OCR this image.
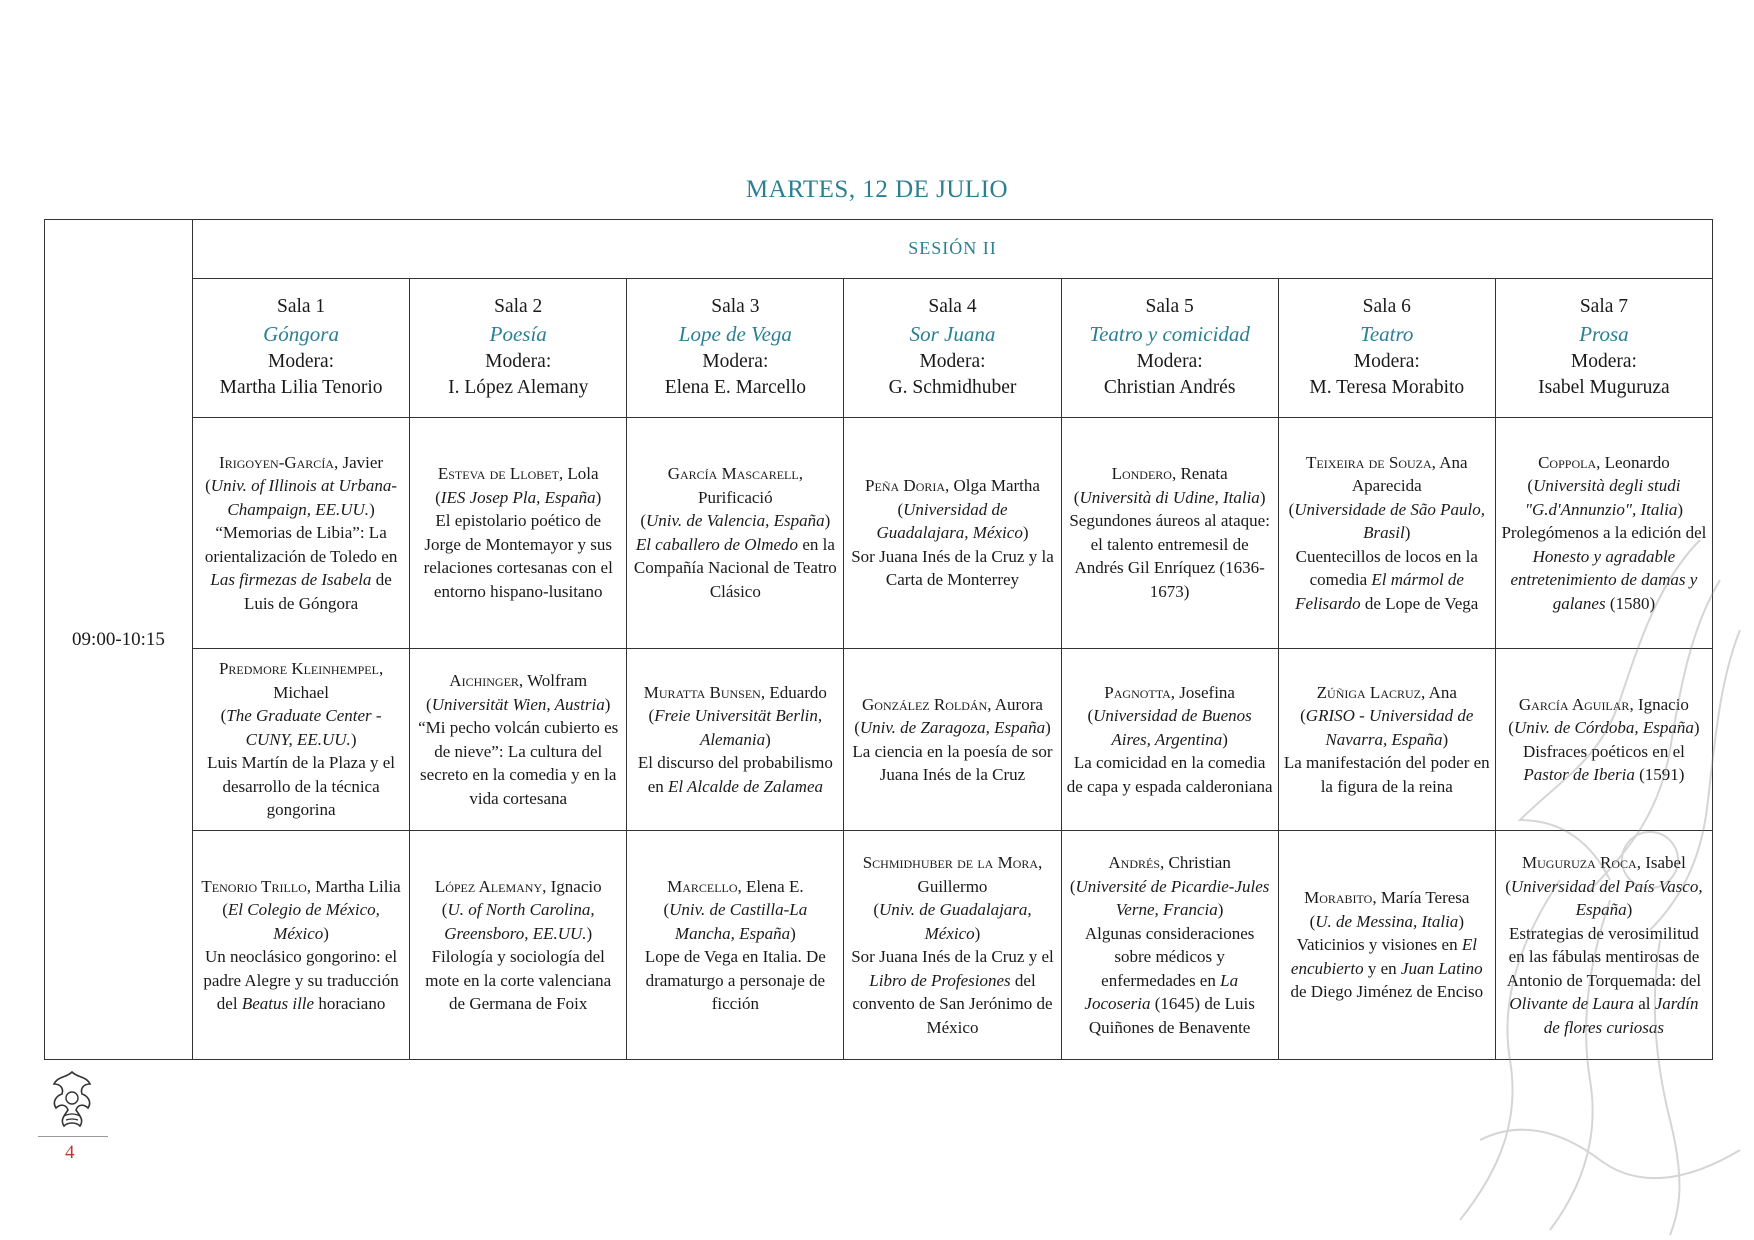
MARTES, 12 DE JULIO
09:00-10:15	SESIÓN II						

	Sala 1
Góngora
Modera:
Martha Lilia Tenorio	Sala 2
Poesía
Modera:
I. López Alemany	Sala 3
Lope de Vega
Modera:
Elena E. Marcello	Sala 4
Sor Juana
Modera:
G. Schmidhuber	Sala 5
Teatro y comicidad
Modera:
Christian Andrés	Sala 6
Teatro
Modera:
M. Teresa Morabito	Sala 7
Prosa
Modera:
Isabel Muguruza

	Irigoyen-García, Javier
(Univ. of Illinois at Urbana-Champaign, EE.UU.)
“Memorias de Libia”: La orientalización de Toledo en Las firmezas de Isabela de Luis de Góngora	Esteva de Llobet, Lola
(IES Josep Pla, España)
El epistolario poético de Jorge de Montemayor y sus relaciones cortesanas con el entorno hispano-lusitano	García Mascarell, Purificació
(Univ. de Valencia, España)
El caballero de Olmedo en la Compañía Nacional de Teatro Clásico	Peña Doria, Olga Martha
(Universidad de Guadalajara, México)
Sor Juana Inés de la Cruz y la Carta de Monterrey	Londero, Renata
(Università di Udine, Italia)
Segundones áureos al ataque: el talento entremesil de Andrés Gil Enríquez (1636-1673)	Teixeira de Souza, Ana Aparecida
(Universidade de São Paulo, Brasil)
Cuentecillos de locos en la comedia El mármol de Felisardo de Lope de Vega	Coppola, Leonardo
(Università degli studi "G.d'Annunzio", Italia)
Prolegómenos a la edición del Honesto y agradable entretenimiento de damas y galanes (1580)

	Predmore Kleinhempel, Michael
(The Graduate Center - CUNY, EE.UU.)
Luis Martín de la Plaza y el desarrollo de la técnica gongorina	Aichinger, Wolfram
(Universität Wien, Austria)
“Mi pecho volcán cubierto es de nieve”: La cultura del secreto en la comedia y en la vida cortesana	Muratta Bunsen, Eduardo
(Freie Universität Berlin, Alemania)
El discurso del probabilismo en El Alcalde de Zalamea	González Roldán, Aurora
(Univ. de Zaragoza, España)
La ciencia en la poesía de sor Juana Inés de la Cruz	Pagnotta, Josefina
(Universidad de Buenos Aires, Argentina)
La comicidad en la comedia de capa y espada calderoniana	Zúñiga Lacruz, Ana
(GRISO - Universidad de Navarra, España)
La manifestación del poder en la figura de la reina	García Aguilar, Ignacio
(Univ. de Córdoba, España)
Disfraces poéticos en el Pastor de Iberia (1591)

	Tenorio Trillo, Martha Lilia
(El Colegio de México, México)
Un neoclásico gongorino: el padre Alegre y su traducción del Beatus ille horaciano	López Alemany, Ignacio
(U. of North Carolina, Greensboro, EE.UU.)
Filología y sociología del mote en la corte valenciana de Germana de Foix	Marcello, Elena E.
(Univ. de Castilla-La Mancha, España)
Lope de Vega en Italia. De dramaturgo a personaje de ficción	Schmidhuber de la Mora, Guillermo
(Univ. de Guadalajara, México)
Sor Juana Inés de la Cruz y el Libro de Profesiones del convento de San Jerónimo de México	Andrés, Christian
(Université de Picardie-Jules Verne, Francia)
Algunas consideraciones sobre médicos y enfermedades en La Jocoseria (1645) de Luis Quiñones de Benavente	Morabito, María Teresa
(U. de Messina, Italia)
Vaticinios y visiones en El encubierto y en Juan Latino de Diego Jiménez de Enciso	Muguruza Roca, Isabel
(Universidad del País Vasco, España)
Estrategias de verosimilitud en las fábulas mentirosas de Antonio de Torquemada: del Olivante de Laura al Jardín de flores curiosas
4
